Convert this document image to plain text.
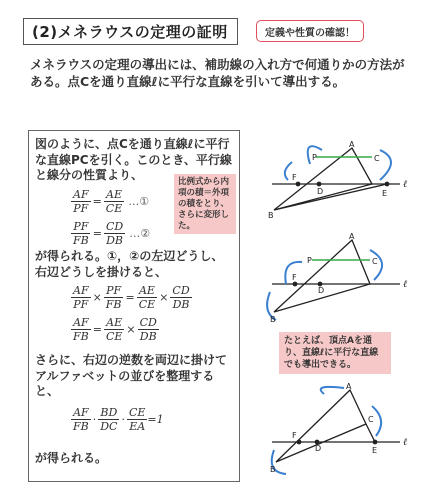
(2)メネラウスの定理の証明	定義や性質の確認！
メネラウスの定理の導出には、補助線の入れ方で何通りかの方法がある。点Cを通り直線ℓに平行な直線を引いて導出する。
図のように、点Cを通り直線ℓに平行な直線PCを引く。このとき、平行線と線分の性質より、
$\frac{AF}{PF} = \frac{AE}{CE}$ …①
$\frac{PF}{FB} = \frac{CD}{DB}$ …②
比例式から内項の積＝外項の積をとり、さらに変形した。
が得られる。①，②の左辺どうし、右辺どうしを掛けると、
$\frac{AF}{PF} \times \frac{PF}{FB} = \frac{AE}{CE} \times \frac{CD}{DB}$
$\frac{AF}{FB} = \frac{AE}{CE} \times \frac{CD}{DB}$
さらに、右辺の逆数を両辺に掛けてアルファベットの並びを整理すると、
$\frac{AF}{FB} \cdot \frac{BD}{DC} \cdot \frac{CE}{EA} =1$
が得られる。
A
P	C
F
D	E
B
ℓ
A
P	C
F
D
B
ℓ
たとえば、頂点Aを通り、直線ℓに平行な直線でも導出できる。
A
C
F
D	E
B
ℓ
